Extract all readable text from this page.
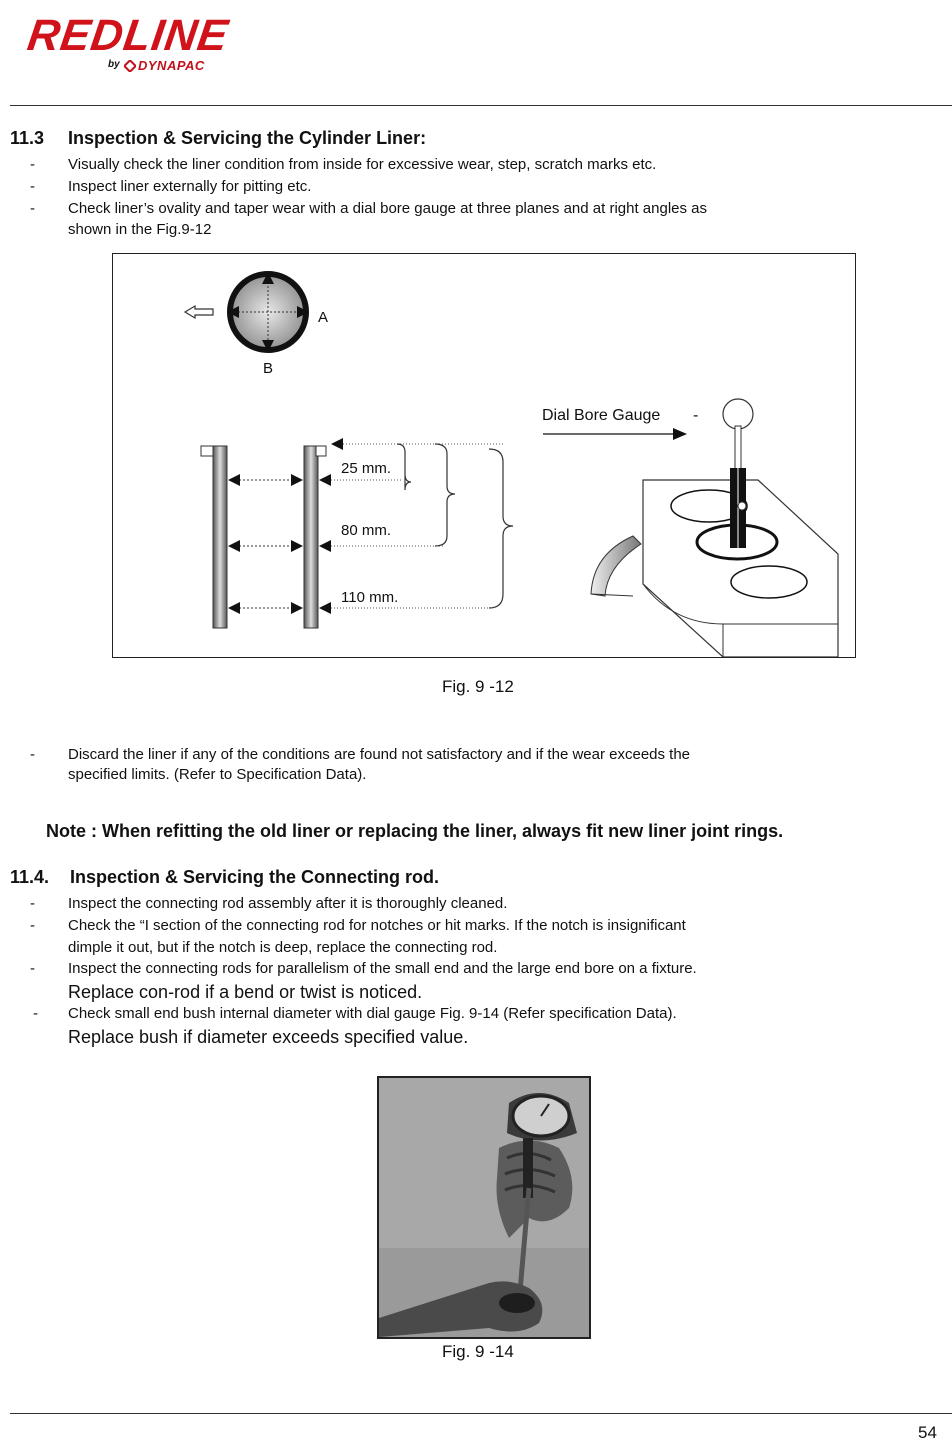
REDLINE
by DYNAPAC
11.3 Inspection & Servicing the Cylinder Liner:
- Visually check the liner condition from inside for excessive wear, step, scratch marks etc.
- Inspect liner externally for pitting etc.
- Check liner’s ovality and taper wear with a dial bore gauge at three planes and at right angles as
shown in the Fig.9-12
A
B
25 mm.
80 mm.
110 mm.
Dial Bore Gauge -
Fig. 9 -12
- Discard the liner if any of the conditions are found not satisfactory and if the wear exceeds the
specified limits. (Refer to Specification Data).
Note : When refitting the old liner or replacing the liner, always fit new liner joint rings.
11.4. Inspection & Servicing the Connecting rod.
- Inspect the connecting rod assembly after it is thoroughly cleaned.
- Check the “I section of the connecting rod for notches or hit marks. If the notch is insignificant
dimple it out, but if the notch is deep, replace the connecting rod.
- Inspect the connecting rods for parallelism of the small end and the large end bore on a fixture.
Replace con-rod if a bend or twist is noticed.
- Check small end bush internal diameter with dial gauge Fig. 9-14 (Refer specification Data).
Replace bush if diameter exceeds specified value.
Fig. 9 -14
54
